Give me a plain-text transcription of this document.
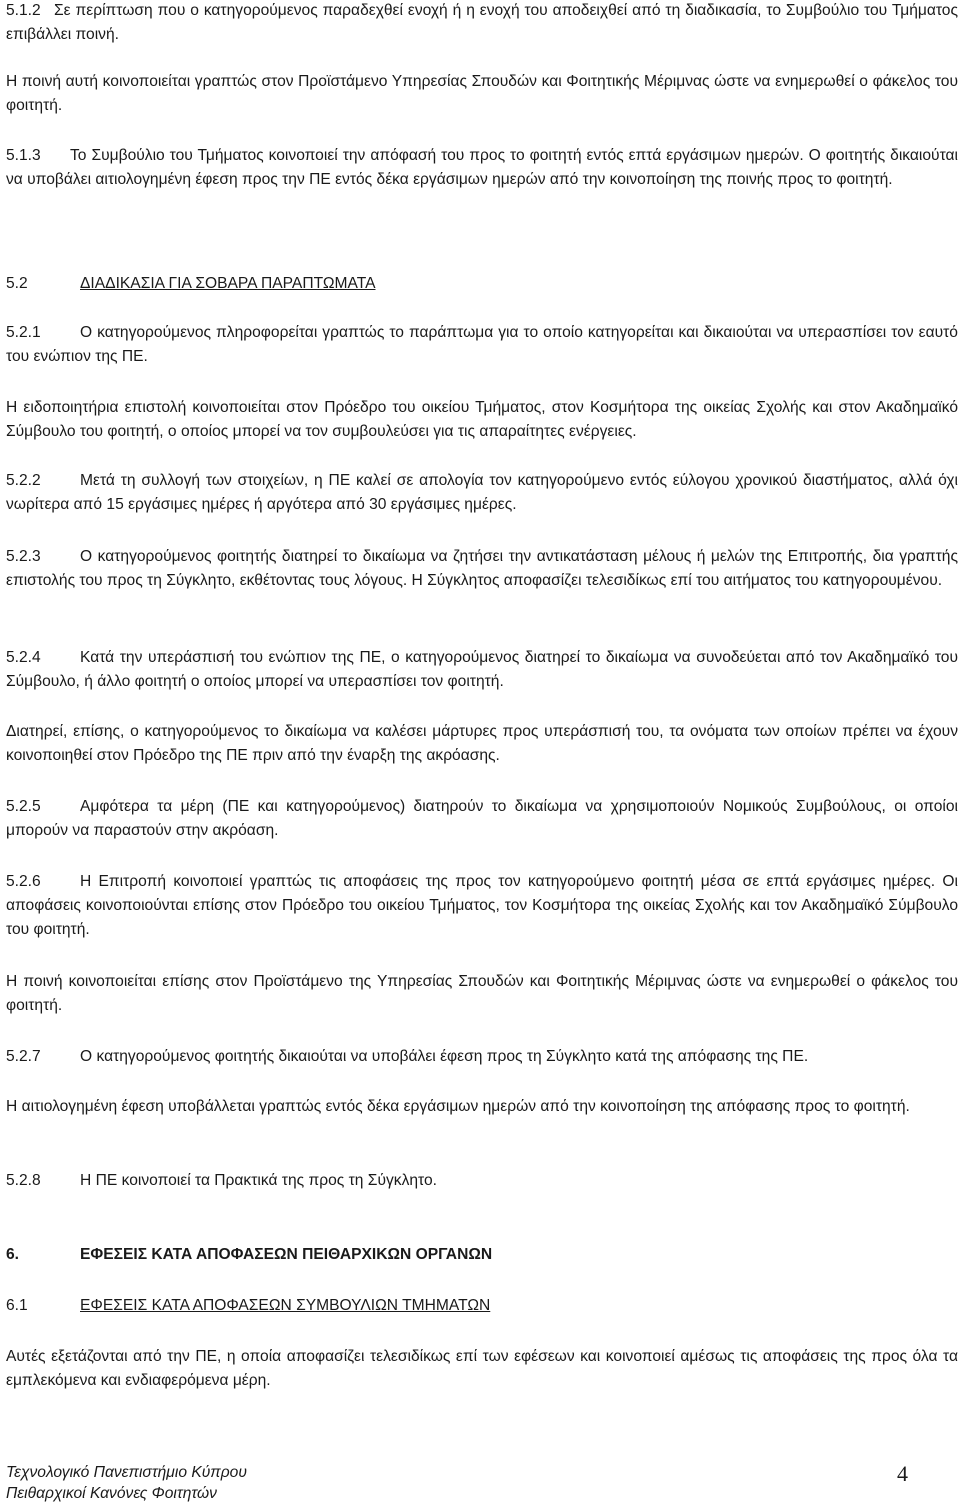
5.1.2 Σε περίπτωση που ο κατηγορούμενος παραδεχθεί ενοχή ή η ενοχή του αποδειχθεί από τη διαδικασία, το Συμβούλιο του Τμήματος επιβάλλει ποινή.
Η ποινή αυτή κοινοποιείται γραπτώς στον Προϊστάμενο Υπηρεσίας Σπουδών και Φοιτητικής Μέριμνας ώστε να ενημερωθεί ο φάκελος του φοιτητή.
5.1.3 Το Συμβούλιο του Τμήματος κοινοποιεί την απόφασή του προς το φοιτητή εντός επτά εργάσιμων ημερών. Ο φοιτητής δικαιούται να υποβάλει αιτιολογημένη έφεση προς την ΠΕ εντός δέκα εργάσιμων ημερών από την κοινοποίηση της ποινής προς το φοιτητή.
5.2	ΔΙΑΔΙΚΑΣΙΑ ΓΙΑ ΣΟΒΑΡΑ ΠΑΡΑΠΤΩΜΑΤΑ
5.2.1	Ο κατηγορούμενος πληροφορείται γραπτώς το παράπτωμα για το οποίο κατηγορείται και δικαιούται να υπερασπίσει τον εαυτό του ενώπιον της ΠΕ.
Η ειδοποιητήρια επιστολή κοινοποιείται στον Πρόεδρο του οικείου Τμήματος, στον Κοσμήτορα της οικείας Σχολής και στον Ακαδημαϊκό Σύμβουλο του φοιτητή, ο οποίος μπορεί να τον συμβουλεύσει για τις απαραίτητες ενέργειες.
5.2.2	Μετά τη συλλογή των στοιχείων, η ΠΕ καλεί σε απολογία τον κατηγορούμενο εντός εύλογου χρονικού διαστήματος, αλλά όχι νωρίτερα από 15 εργάσιμες ημέρες ή αργότερα από 30 εργάσιμες ημέρες.
5.2.3	Ο κατηγορούμενος φοιτητής διατηρεί το δικαίωμα να ζητήσει την αντικατάσταση μέλους ή μελών της Επιτροπής, δια γραπτής επιστολής του προς τη Σύγκλητο, εκθέτοντας τους λόγους. Η Σύγκλητος αποφασίζει τελεσιδίκως επί του αιτήματος του κατηγορουμένου.
5.2.4	Κατά την υπεράσπισή του ενώπιον της ΠΕ, ο κατηγορούμενος διατηρεί το δικαίωμα να συνοδεύεται από τον Ακαδημαϊκό του Σύμβουλο, ή άλλο φοιτητή ο οποίος μπορεί να υπερασπίσει τον φοιτητή.
Διατηρεί, επίσης, ο κατηγορούμενος το δικαίωμα να καλέσει μάρτυρες προς υπεράσπισή του, τα ονόματα των οποίων πρέπει να έχουν κοινοποιηθεί στον Πρόεδρο της ΠΕ πριν από την έναρξη της ακρόασης.
5.2.5	Αμφότερα τα μέρη (ΠΕ και κατηγορούμενος) διατηρούν το δικαίωμα να χρησιμοποιούν Νομικούς Συμβούλους, οι οποίοι μπορούν να παραστούν στην ακρόαση.
5.2.6	Η Επιτροπή κοινοποιεί γραπτώς τις αποφάσεις της προς τον κατηγορούμενο φοιτητή μέσα σε επτά εργάσιμες ημέρες. Οι αποφάσεις κοινοποιούνται επίσης στον Πρόεδρο του οικείου Τμήματος, τον Κοσμήτορα της οικείας Σχολής και τον Ακαδημαϊκό Σύμβουλο του φοιτητή.
Η ποινή κοινοποιείται επίσης στον Προϊστάμενο της Υπηρεσίας Σπουδών και Φοιτητικής Μέριμνας ώστε να ενημερωθεί ο φάκελος του φοιτητή.
5.2.7	Ο κατηγορούμενος φοιτητής δικαιούται να υποβάλει έφεση προς τη Σύγκλητο κατά της απόφασης της ΠΕ.
Η αιτιολογημένη έφεση υποβάλλεται γραπτώς εντός δέκα εργάσιμων ημερών από την κοινοποίηση της απόφασης προς το φοιτητή.
5.2.8	Η ΠΕ κοινοποιεί τα Πρακτικά της προς τη Σύγκλητο.
6.	ΕΦΕΣΕΙΣ ΚΑΤΑ ΑΠΟΦΑΣΕΩΝ ΠΕΙΘΑΡΧΙΚΩΝ ΟΡΓΑΝΩΝ
6.1	ΕΦΕΣΕΙΣ ΚΑΤΑ ΑΠΟΦΑΣΕΩΝ ΣΥΜΒΟΥΛΙΩΝ ΤΜΗΜΑΤΩΝ
Αυτές εξετάζονται από την ΠΕ, η οποία αποφασίζει τελεσιδίκως επί των εφέσεων και κοινοποιεί αμέσως τις αποφάσεις της προς όλα τα εμπλεκόμενα και ενδιαφερόμενα μέρη.
Τεχνολογικό Πανεπιστήμιο Κύπρου
Πειθαρχικοί Κανόνες Φοιτητών
4
